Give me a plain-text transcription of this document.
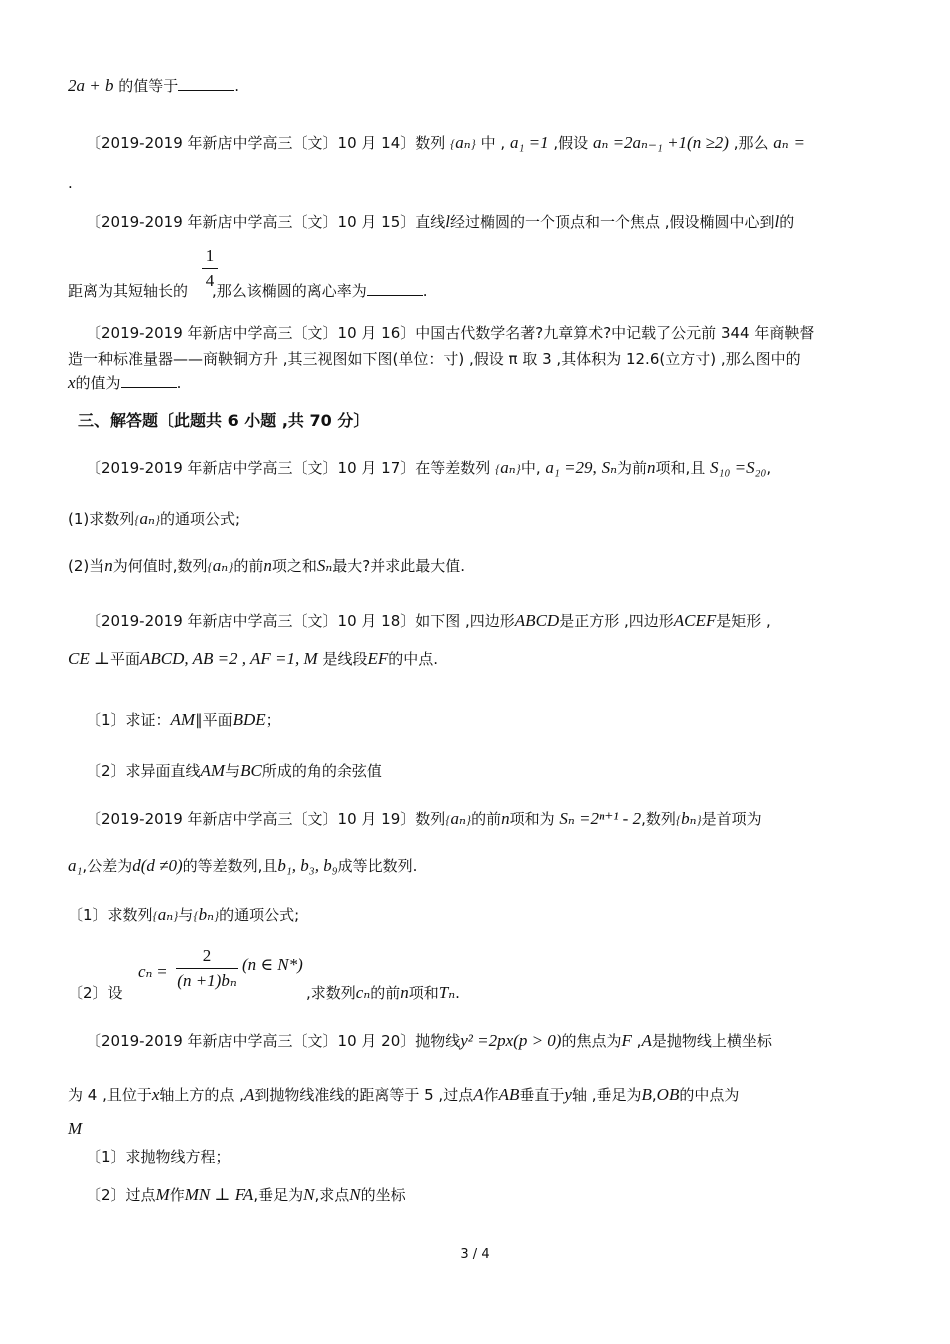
2a + b 的值等于	.
〔2019-2019 年新店中学高三〔文〕10 月 14〕数列 {aₙ} 中 , a₁ =1 ,假设 aₙ =2aₙ₋₁ +1(n ≥2) ,那么 aₙ =
.
〔2019-2019 年新店中学高三〔文〕10 月 15〕直线l经过椭圆的一个顶点和一个焦点 ,假设椭圆中心到l的
1
4
距离为其短轴长的 ,那么该椭圆的离心率为	.
〔2019-2019 年新店中学高三〔文〕10 月 16〕中国古代数学名著?九章算术?中记载了公元前 344 年商鞅督
造一种标准量器——商鞅铜方升 ,其三视图如下图(单位：寸) ,假设 π 取 3 ,其体积为 12.6(立方寸) ,那么图中的
x的值为	.
三、解答题〔此题共 6 小题 ,共 70 分〕
〔2019-2019 年新店中学高三〔文〕10 月 17〕在等差数列 {aₙ}中, a₁ =29, Sₙ为前n项和,且 S₁₀ =S₂₀,
(1)求数列{aₙ}的通项公式;
(2)当n为何值时,数列{aₙ}的前n项之和Sₙ最大?并求此最大值.
〔2019-2019 年新店中学高三〔文〕10 月 18〕如下图 ,四边形ABCD是正方形 ,四边形ACEF是矩形 ,
CE ⊥平面ABCD, AB =2 , AF =1, M 是线段EF的中点.
〔1〕求证：AM∥平面BDE；
〔2〕求异面直线AM与BC所成的角的余弦值
〔2019-2019 年新店中学高三〔文〕10 月 19〕数列{aₙ}的前n项和为 Sₙ =2ⁿ⁺¹ - 2,数列{bₙ}是首项为
a₁,公差为d(d ≠0)的等差数列,且b₁, b₃, b₉成等比数列.
〔1〕求数列{aₙ}与{bₙ}的通项公式;
cₙ =
2
(n +1)bₙ
(n ∈ N*)
〔2〕设	,求数列cₙ的前n项和Tₙ.
〔2019-2019 年新店中学高三〔文〕10 月 20〕抛物线y² =2px(p > 0)的焦点为F ,A是抛物线上横坐标
为 4 ,且位于x轴上方的点 ,A到抛物线准线的距离等于 5 ,过点A作AB垂直于y轴 ,垂足为B,OB的中点为
M
〔1〕求抛物线方程；
〔2〕过点M作MN ⊥ FA,垂足为N,求点N的坐标
3 / 4
